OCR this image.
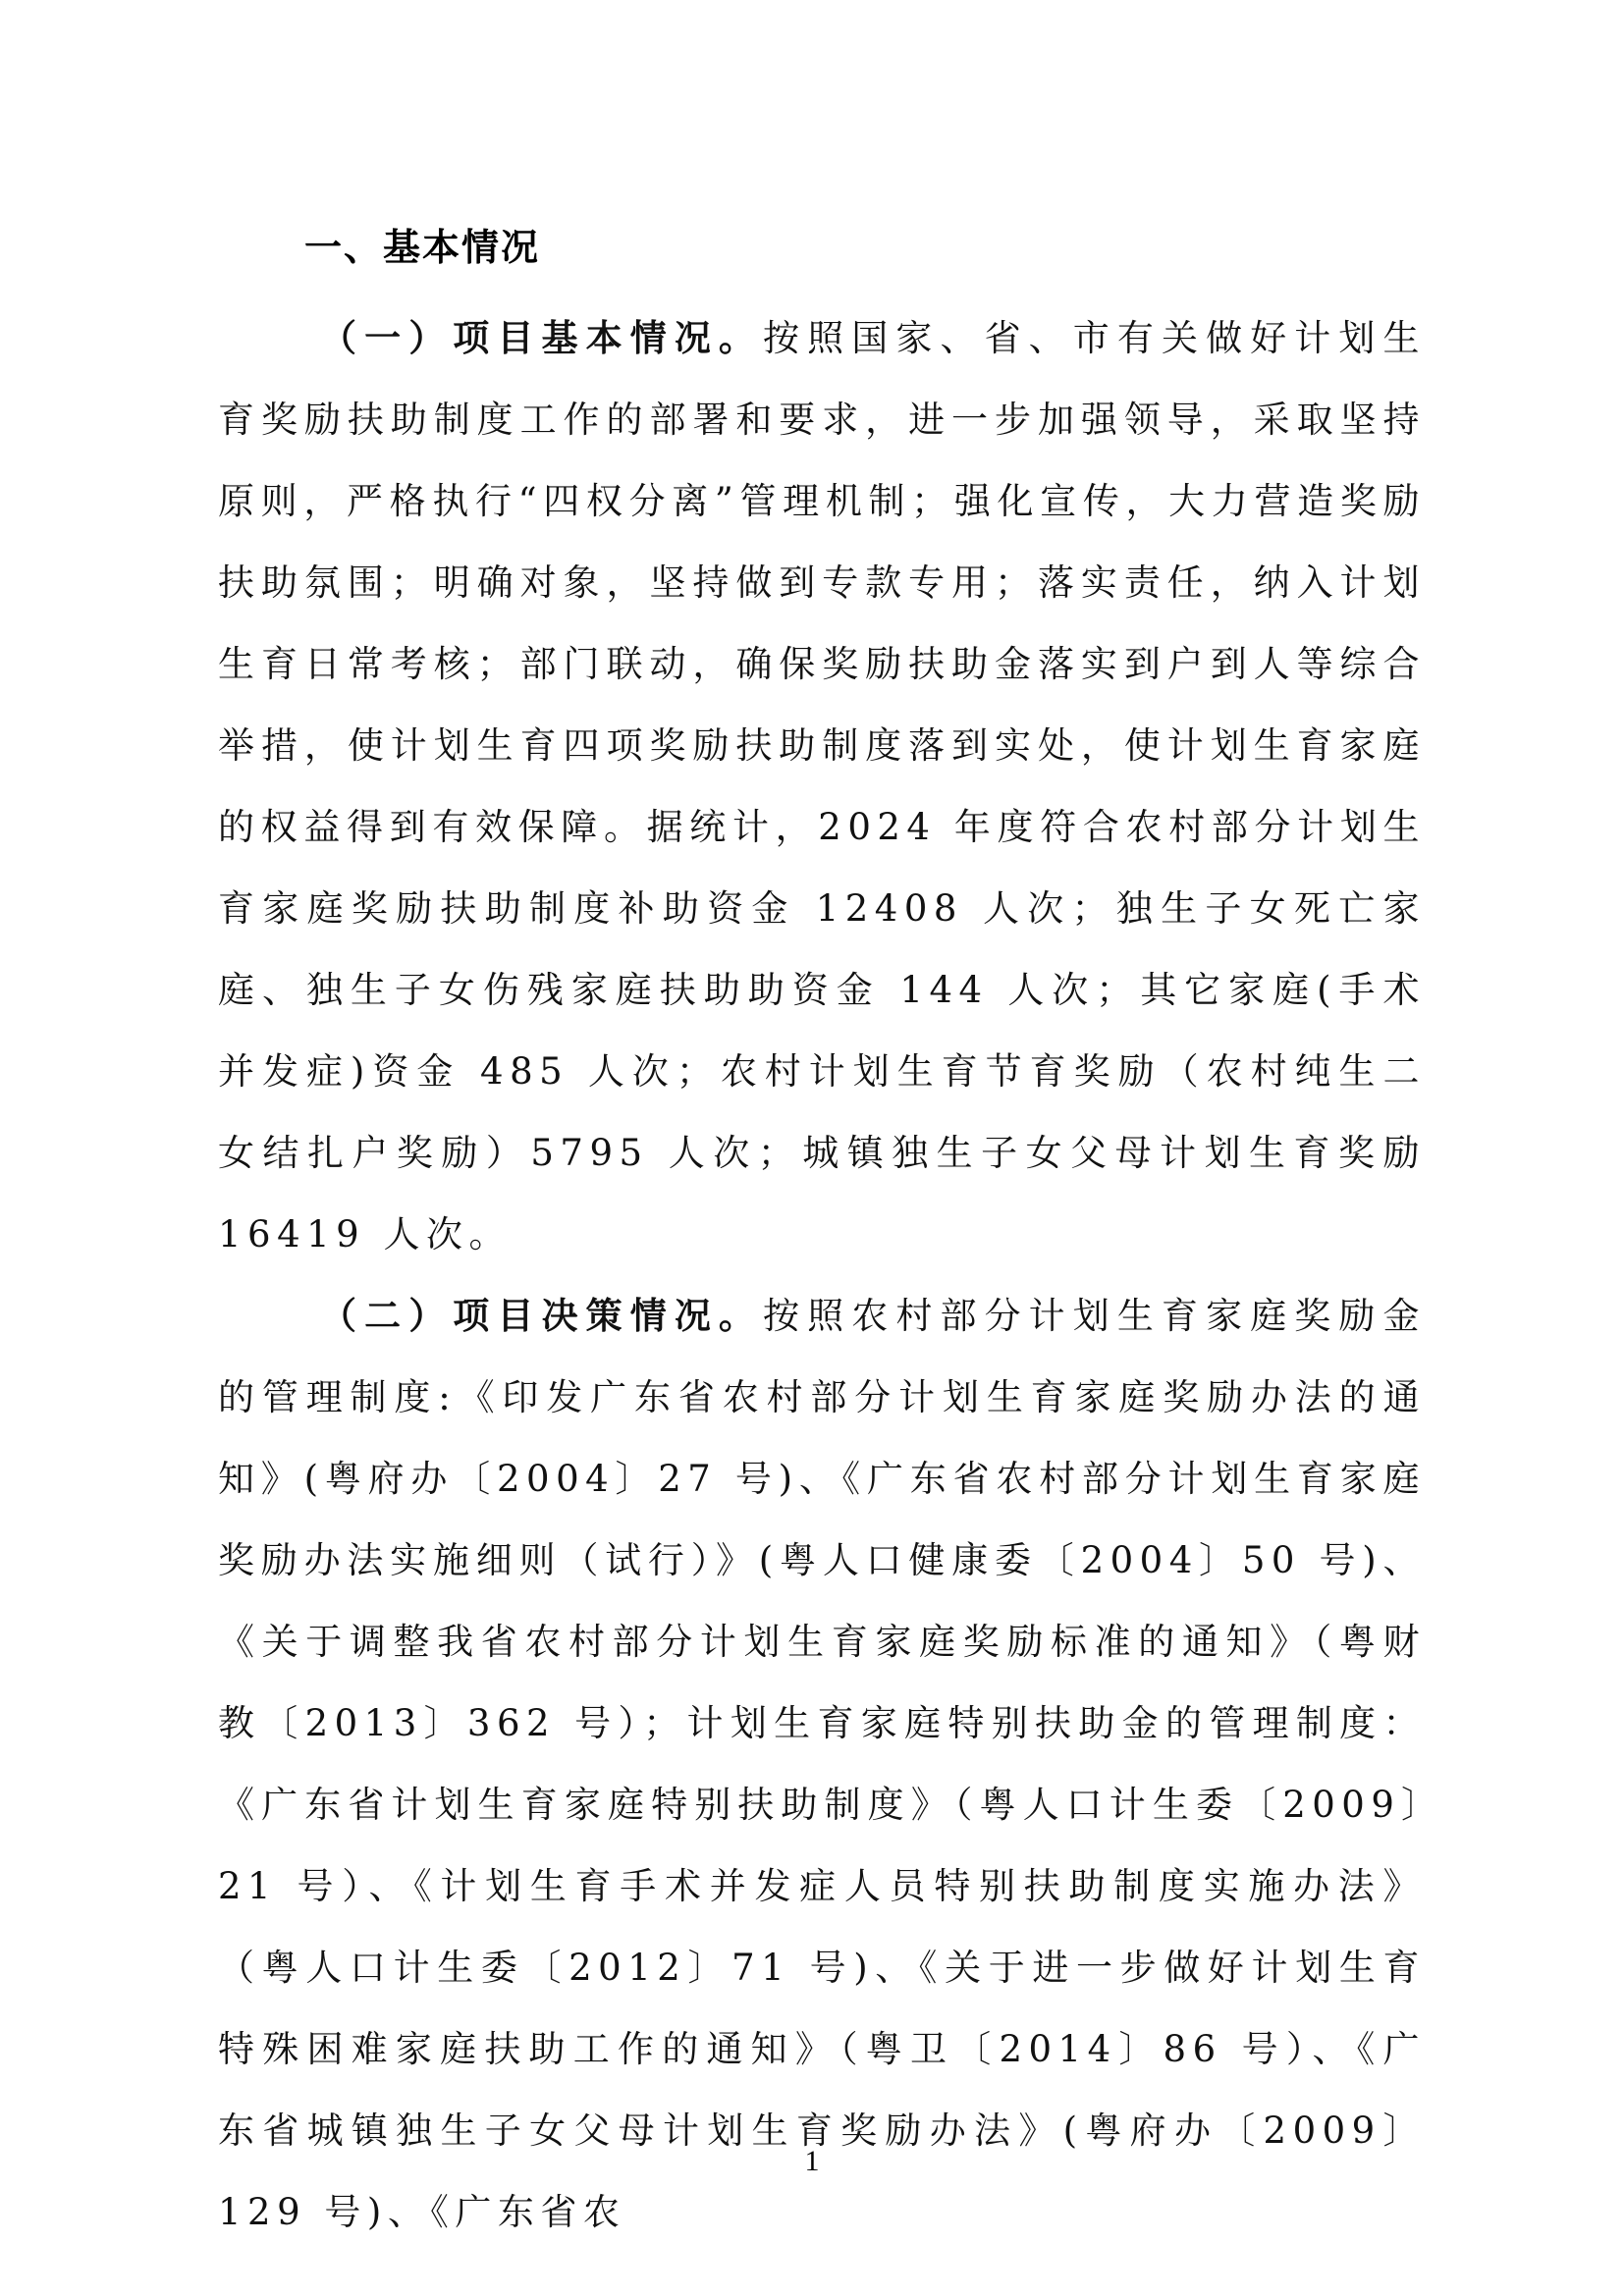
一、基本情况

（一）项目基本情况。按照国家、省、市有关做好计划生育奖励扶助制度工作的部署和要求，进一步加强领导，采取坚持原则，严格执行“四权分离”管理机制；强化宣传，大力营造奖励扶助氛围；明确对象，坚持做到专款专用；落实责任，纳入计划生育日常考核；部门联动，确保奖励扶助金落实到户到人等综合举措，使计划生育四项奖励扶助制度落到实处，使计划生育家庭的权益得到有效保障。据统计，2024 年度符合农村部分计划生育家庭奖励扶助制度补助资金 12408 人次；独生子女死亡家庭、独生子女伤残家庭扶助助资金 144 人次；其它家庭(手术并发症)资金 485 人次；农村计划生育节育奖励（农村纯生二女结扎户奖励）5795 人次；城镇独生子女父母计划生育奖励 16419 人次。

（二）项目决策情况。按照农村部分计划生育家庭奖励金的管理制度:《印发广东省农村部分计划生育家庭奖励办法的通知》(粤府办〔2004〕27 号)、《广东省农村部分计划生育家庭奖励办法实施细则（试行）》(粤人口健康委〔2004〕50 号)、《关于调整我省农村部分计划生育家庭奖励标准的通知》（粤财教〔2013〕362 号）；计划生育家庭特别扶助金的管理制度：《广东省计划生育家庭特别扶助制度》（粤人口计生委〔2009〕21 号）、《计划生育手术并发症人员特别扶助制度实施办法》（粤人口计生委〔2012〕71 号)、《关于进一步做好计划生育特殊困难家庭扶助工作的通知》（粤卫〔2014〕86 号）、《广东省城镇独生子女父母计划生育奖励办法》(粤府办〔2009〕129 号)、《广东省农

1
